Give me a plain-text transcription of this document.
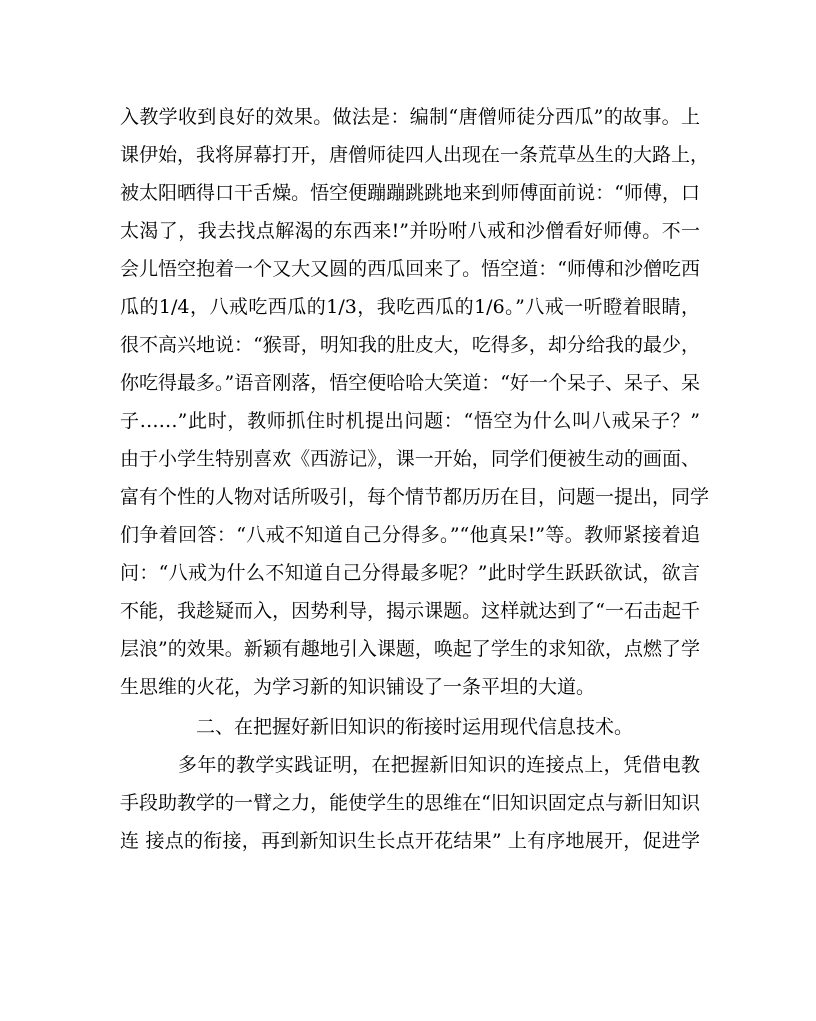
入教学收到良好的效果。做法是：编制“唐僧师徒分西瓜”的故事。上
课伊始，我将屏幕打开，唐僧师徒四人出现在一条荒草丛生的大路上，
被太阳晒得口干舌燥。悟空便蹦蹦跳跳地来到师傅面前说：“师傅，口
太渴了，我去找点解渴的东西来!”并吩咐八戒和沙僧看好师傅。不一
会儿悟空抱着一个又大又圆的西瓜回来了。悟空道：“师傅和沙僧吃西
瓜的1/4，八戒吃西瓜的1/3，我吃西瓜的1/6。”八戒一听瞪着眼睛，
很不高兴地说：“猴哥，明知我的肚皮大，吃得多，却分给我的最少，
你吃得最多。”语音刚落，悟空便哈哈大笑道：“好一个呆子、呆子、呆
子……”此时，教师抓住时机提出问题：“悟空为什么叫八戒呆子？”
由于小学生特别喜欢《西游记》，课一开始，同学们便被生动的画面、
富有个性的人物对话所吸引，每个情节都历历在目，问题一提出，同学
们争着回答：“八戒不知道自己分得多。”“他真呆!”等。教师紧接着追
问：“八戒为什么不知道自己分得最多呢？”此时学生跃跃欲试，欲言
不能，我趁疑而入，因势利导，揭示课题。这样就达到了“一石击起千
层浪”的效果。新颖有趣地引入课题，唤起了学生的求知欲，点燃了学
生思维的火花，为学习新的知识铺设了一条平坦的大道。
二、在把握好新旧知识的衔接时运用现代信息技术。
多年的教学实践证明，在把握新旧知识的连接点上，凭借电教
手段助教学的一臂之力，能使学生的思维在“旧知识固定点与新旧知识
连 接点的衔接，再到新知识生长点开花结果” 上有序地展开，促进学
